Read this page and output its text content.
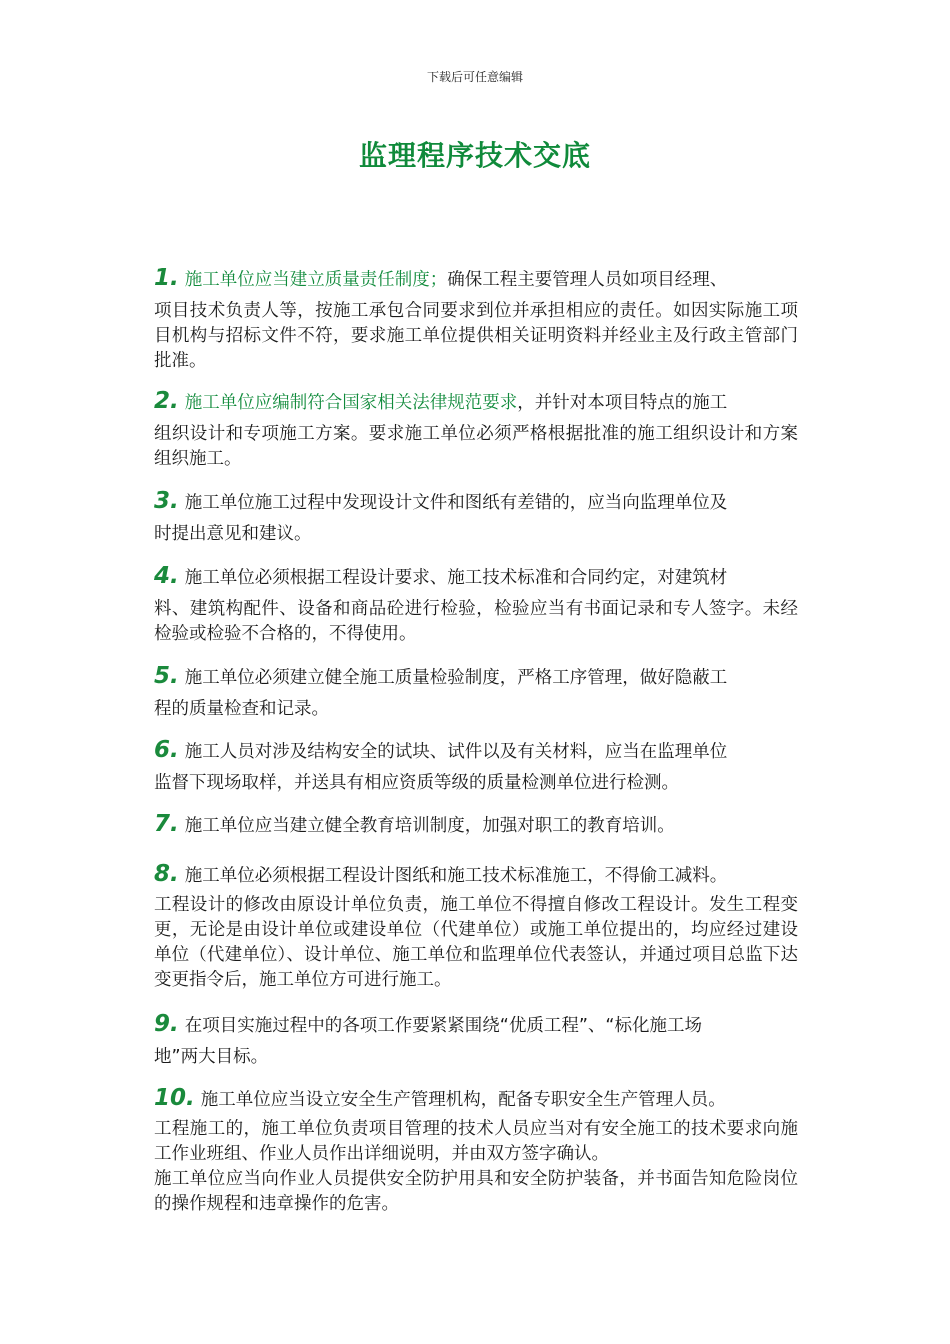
下载后可任意编辑
监理程序技术交底
1. 施工单位应当建立质量责任制度；确保工程主要管理人员如项目经理、
项目技术负责人等，按施工承包合同要求到位并承担相应的责任。如因实际施工项目机构与招标文件不符，要求施工单位提供相关证明资料并经业主及行政主管部门批准。
2. 施工单位应编制符合国家相关法律规范要求，并针对本项目特点的施工
组织设计和专项施工方案。要求施工单位必须严格根据批准的施工组织设计和方案组织施工。
3. 施工单位施工过程中发现设计文件和图纸有差错的，应当向监理单位及
时提出意见和建议。
4. 施工单位必须根据工程设计要求、施工技术标准和合同约定，对建筑材
料、建筑构配件、设备和商品砼进行检验，检验应当有书面记录和专人签字。未经检验或检验不合格的，不得使用。
5. 施工单位必须建立健全施工质量检验制度，严格工序管理，做好隐蔽工
程的质量检查和记录。
6. 施工人员对涉及结构安全的试块、试件以及有关材料，应当在监理单位
监督下现场取样，并送具有相应资质等级的质量检测单位进行检测。
7. 施工单位应当建立健全教育培训制度，加强对职工的教育培训。
8. 施工单位必须根据工程设计图纸和施工技术标准施工，不得偷工减料。
工程设计的修改由原设计单位负责，施工单位不得擅自修改工程设计。发生工程变更，无论是由设计单位或建设单位（代建单位）或施工单位提出的，均应经过建设单位（代建单位）、设计单位、施工单位和监理单位代表签认，并通过项目总监下达变更指令后，施工单位方可进行施工。
9. 在项目实施过程中的各项工作要紧紧围绕“优质工程”、“标化施工场
地”两大目标。
10. 施工单位应当设立安全生产管理机构，配备专职安全生产管理人员。
工程施工的，施工单位负责项目管理的技术人员应当对有安全施工的技术要求向施工作业班组、作业人员作出详细说明，并由双方签字确认。
施工单位应当向作业人员提供安全防护用具和安全防护装备，并书面告知危险岗位的操作规程和违章操作的危害。
